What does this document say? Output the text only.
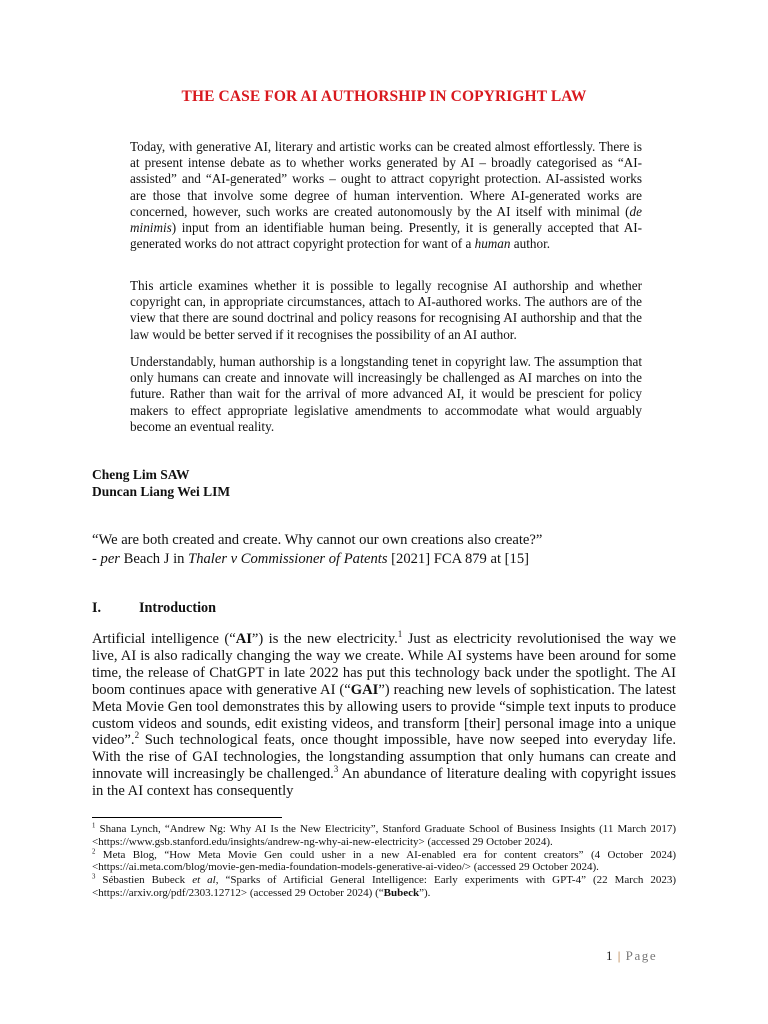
THE CASE FOR AI AUTHORSHIP IN COPYRIGHT LAW

Today, with generative AI, literary and artistic works can be created almost effortlessly. There is at present intense debate as to whether works generated by AI – broadly categorised as “AI-assisted” and “AI-generated” works – ought to attract copyright protection. AI-assisted works are those that involve some degree of human intervention. Where AI-generated works are concerned, however, such works are created autonomously by the AI itself with minimal (de minimis) input from an identifiable human being. Presently, it is generally accepted that AI-generated works do not attract copyright protection for want of a human author.

This article examines whether it is possible to legally recognise AI authorship and whether copyright can, in appropriate circumstances, attach to AI-authored works. The authors are of the view that there are sound doctrinal and policy reasons for recognising AI authorship and that the law would be better served if it recognises the possibility of an AI author.

Understandably, human authorship is a longstanding tenet in copyright law. The assumption that only humans can create and innovate will increasingly be challenged as AI marches on into the future. Rather than wait for the arrival of more advanced AI, it would be prescient for policy makers to effect appropriate legislative amendments to accommodate what would arguably become an eventual reality.

Cheng Lim SAW
Duncan Liang Wei LIM
“We are both created and create. Why cannot our own creations also create?”
- per Beach J in Thaler v Commissioner of Patents [2021] FCA 879 at [15]
I.	Introduction

Artificial intelligence (“AI”) is the new electricity.$^1$ Just as electricity revolutionised the way we live, AI is also radically changing the way we create. While AI systems have been around for some time, the release of ChatGPT in late 2022 has put this technology back under the spotlight. The AI boom continues apace with generative AI (“GAI”) reaching new levels of sophistication. The latest Meta Movie Gen tool demonstrates this by allowing users to provide “simple text inputs to produce custom videos and sounds, edit existing videos, and transform [their] personal image into a unique video”.$^2$ Such technological feats, once thought impossible, have now seeped into everyday life. With the rise of GAI technologies, the longstanding assumption that only humans can create and innovate will increasingly be challenged.$^3$ An abundance of literature dealing with copyright issues in the AI context has consequently

$^1$ Shana Lynch, “Andrew Ng: Why AI Is the New Electricity”, Stanford Graduate School of Business Insights (11 March 2017) <https://www.gsb.stanford.edu/insights/andrew-ng-why-ai-new-electricity> (accessed 29 October 2024).

$^2$ Meta Blog, “How Meta Movie Gen could usher in a new AI-enabled era for content creators” (4 October 2024) <https://ai.meta.com/blog/movie-gen-media-foundation-models-generative-ai-video/> (accessed 29 October 2024).

$^3$ Sébastien Bubeck et al, “Sparks of Artificial General Intelligence: Early experiments with GPT-4” (22 March 2023) <https://arxiv.org/pdf/2303.12712> (accessed 29 October 2024) (“Bubeck”).

1 | Page
